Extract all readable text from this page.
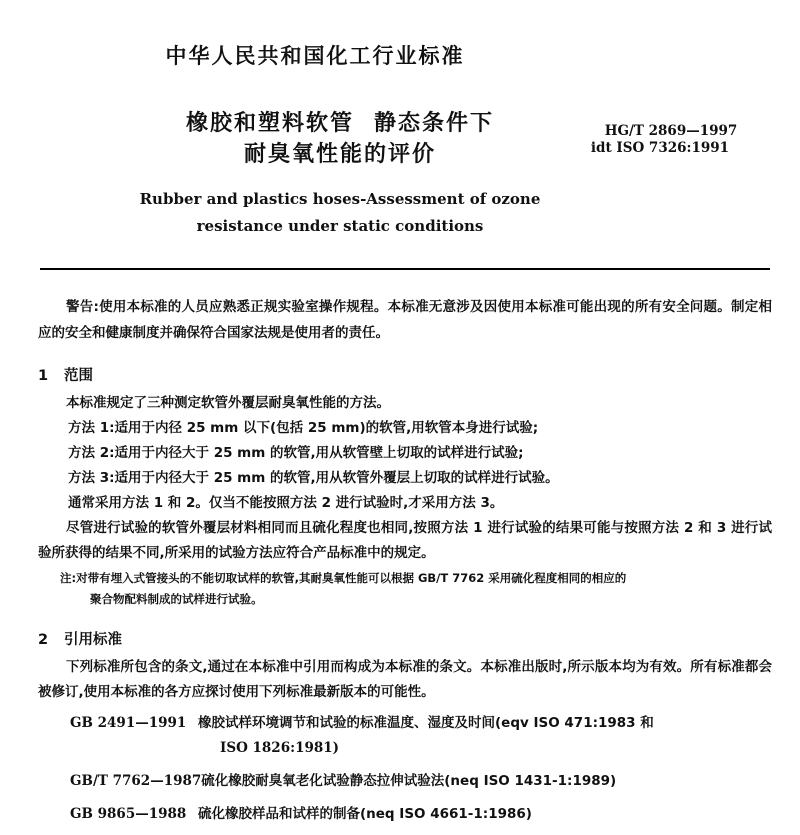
中华人民共和国化工行业标准
橡胶和塑料软管 静态条件下
耐臭氧性能的评价
Rubber and plastics hoses-Assessment of ozone
resistance under static conditions
HG/T 2869—1997
idt ISO 7326:1991
警告:使用本标准的人员应熟悉正规实验室操作规程。本标准无意涉及因使用本标准可能出现的所有安全问题。制定相应的安全和健康制度并确保符合国家法规是使用者的责任。
1 范围
本标准规定了三种测定软管外覆层耐臭氧性能的方法。
方法 1:适用于内径 25 mm 以下(包括 25 mm)的软管,用软管本身进行试验;
方法 2:适用于内径大于 25 mm 的软管,用从软管壁上切取的试样进行试验;
方法 3:适用于内径大于 25 mm 的软管,用从软管外覆层上切取的试样进行试验。
通常采用方法 1 和 2。仅当不能按照方法 2 进行试验时,才采用方法 3。
尽管进行试验的软管外覆层材料相同而且硫化程度也相同,按照方法 1 进行试验的结果可能与按照方法 2 和 3 进行试验所获得的结果不同,所采用的试验方法应符合产品标准中的规定。
注:对带有埋入式管接头的不能切取试样的软管,其耐臭氧性能可以根据 GB/T 7762 采用硫化程度相同的相应的
聚合物配料制成的试样进行试验。
2 引用标准
下列标准所包含的条文,通过在本标准中引用而构成为本标准的条文。本标准出版时,所示版本均为有效。所有标准都会被修订,使用本标准的各方应探讨使用下列标准最新版本的可能性。
GB 2491—1991 橡胶试样环境调节和试验的标准温度、湿度及时间(eqv ISO 471:1983 和
ISO 1826:1981)
GB/T 7762—1987硫化橡胶耐臭氧老化试验静态拉伸试验法(neq ISO 1431-1:1989)
GB 9865—1988 硫化橡胶样品和试样的制备(neq ISO 4661-1:1986)
